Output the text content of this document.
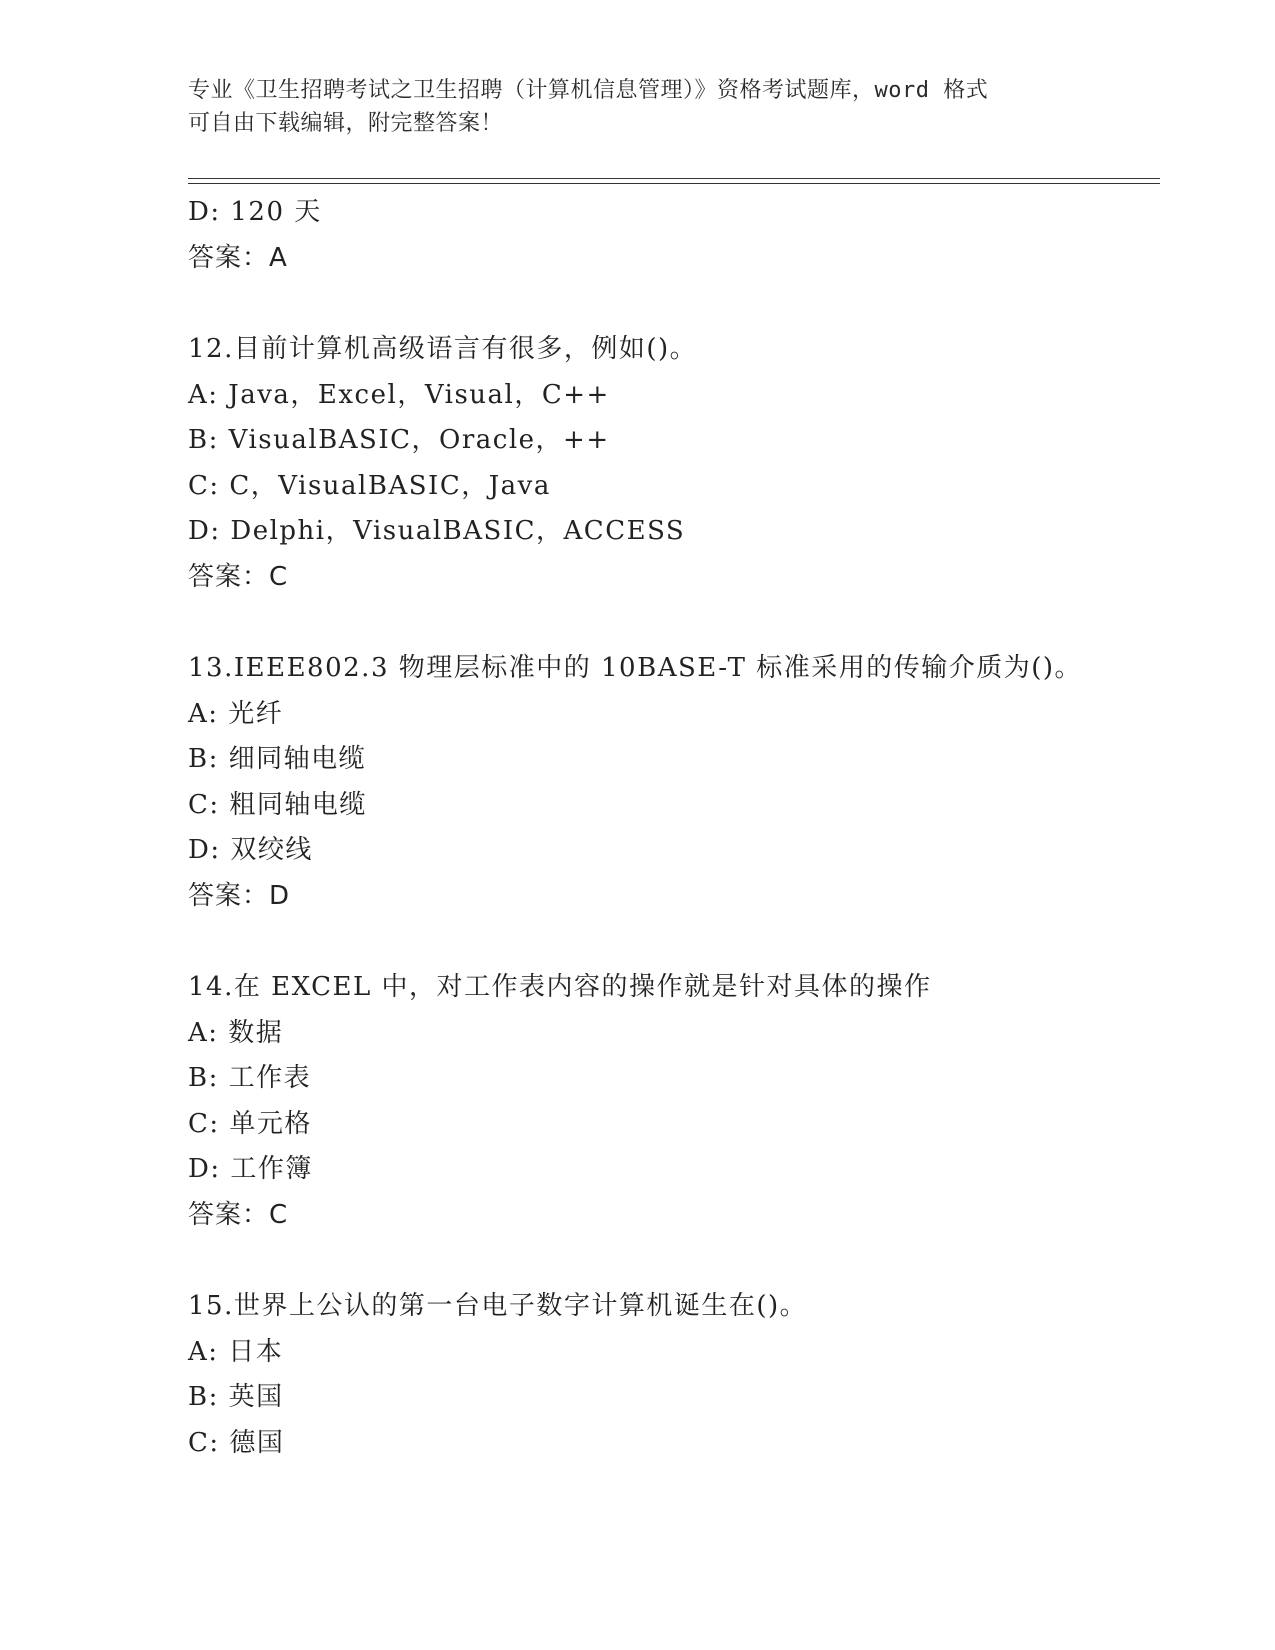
专业《卫生招聘考试之卫生招聘（计算机信息管理）》资格考试题库，word 格式
可自由下载编辑，附完整答案！
D: 120 天
答案：A
12.目前计算机高级语言有很多，例如()。
A: Java，Excel，Visual，C++
B: VisualBASIC，Oracle，++
C: C，VisualBASIC，Java
D: Delphi，VisualBASIC，ACCESS
答案：C
13.IEEE802.3 物理层标准中的 10BASE-T 标准采用的传输介质为()。
A: 光纤
B: 细同轴电缆
C: 粗同轴电缆
D: 双绞线
答案：D
14.在 EXCEL 中，对工作表内容的操作就是针对具体的操作
A: 数据
B: 工作表
C: 单元格
D: 工作簿
答案：C
15.世界上公认的第一台电子数字计算机诞生在()。
A: 日本
B: 英国
C: 德国
